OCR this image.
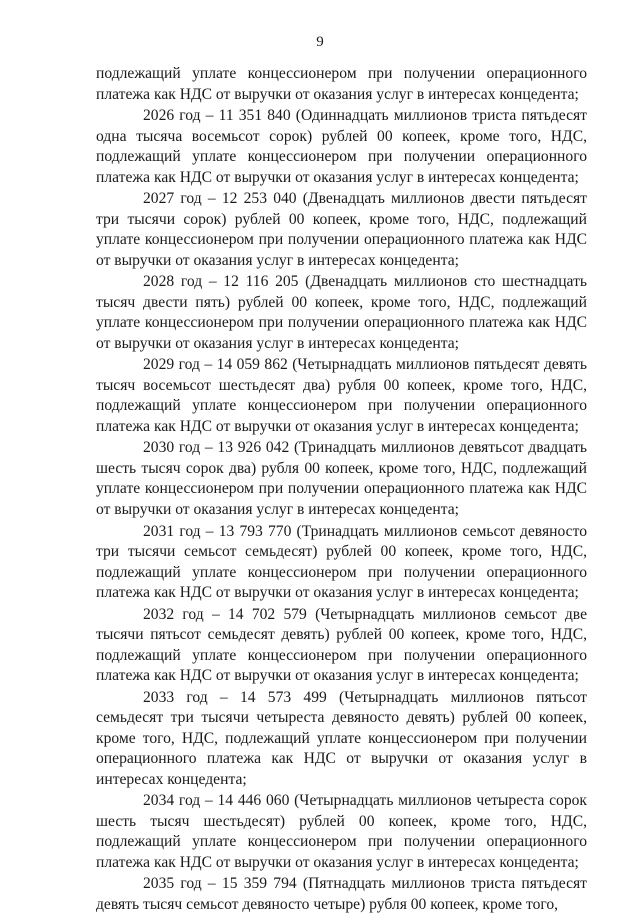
9

подлежащий уплате концессионером при получении операционного платежа как НДС от выручки от оказания услуг в интересах концедента;

2026 год – 11 351 840 (Одиннадцать миллионов триста пятьдесят одна тысяча восемьсот сорок) рублей 00 копеек, кроме того, НДС, подлежащий уплате концессионером при получении операционного платежа как НДС от выручки от оказания услуг в интересах концедента;

2027 год – 12 253 040 (Двенадцать миллионов двести пятьдесят три тысячи сорок) рублей 00 копеек, кроме того, НДС, подлежащий уплате концессионером при получении операционного платежа как НДС от выручки от оказания услуг в интересах концедента;

2028 год – 12 116 205 (Двенадцать миллионов сто шестнадцать тысяч двести пять) рублей 00 копеек, кроме того, НДС, подлежащий уплате концессионером при получении операционного платежа как НДС от выручки от оказания услуг в интересах концедента;

2029 год – 14 059 862 (Четырнадцать миллионов пятьдесят девять тысяч восемьсот шестьдесят два) рубля 00 копеек, кроме того, НДС, подлежащий уплате концессионером при получении операционного платежа как НДС от выручки от оказания услуг в интересах концедента;

2030 год – 13 926 042 (Тринадцать миллионов девятьсот двадцать шесть тысяч сорок два) рубля 00 копеек, кроме того, НДС, подлежащий уплате концессионером при получении операционного платежа как НДС от выручки от оказания услуг в интересах концедента;

2031 год – 13 793 770 (Тринадцать миллионов семьсот девяносто три тысячи семьсот семьдесят) рублей 00 копеек, кроме того, НДС, подлежащий уплате концессионером при получении операционного платежа как НДС от выручки от оказания услуг в интересах концедента;

2032 год – 14 702 579 (Четырнадцать миллионов семьсот две тысячи пятьсот семьдесят девять) рублей 00 копеек, кроме того, НДС, подлежащий уплате концессионером при получении операционного платежа как НДС от выручки от оказания услуг в интересах концедента;

2033 год – 14 573 499 (Четырнадцать миллионов пятьсот семьдесят три тысячи четыреста девяносто девять) рублей 00 копеек, кроме того, НДС, подлежащий уплате концессионером при получении операционного платежа как НДС от выручки от оказания услуг в интересах концедента;

2034 год – 14 446 060 (Четырнадцать миллионов четыреста сорок шесть тысяч шестьдесят) рублей 00 копеек, кроме того, НДС, подлежащий уплате концессионером при получении операционного платежа как НДС от выручки от оказания услуг в интересах концедента;

2035 год – 15 359 794 (Пятнадцать миллионов триста пятьдесят девять тысяч семьсот девяносто четыре) рубля 00 копеек, кроме того,
